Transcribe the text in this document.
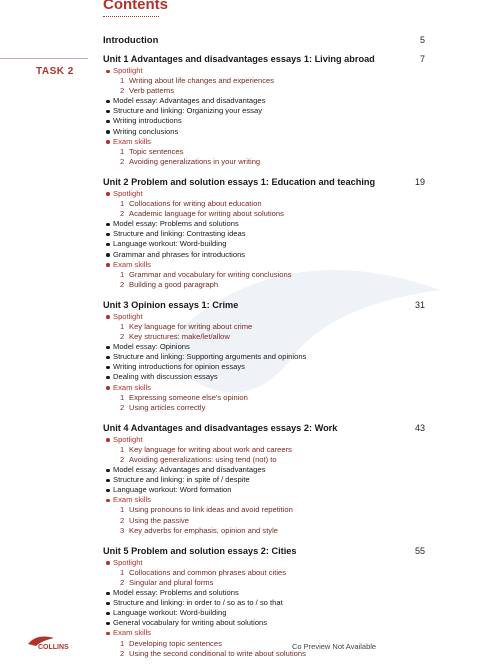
Contents
TASK 2
Introduction	5
Unit 1 Advantages and disadvantages essays 1: Living abroad	7
Spotlight
1 Writing about life changes and experiences
2 Verb patterns
Model essay: Advantages and disadvantages
Structure and linking: Organizing your essay
Writing introductions
Writing conclusions
Exam skills
1 Topic sentences
2 Avoiding generalizations in your writing
Unit 2 Problem and solution essays 1: Education and teaching	19
Spotlight
1 Collocations for writing about education
2 Academic language for writing about solutions
Model essay: Problems and solutions
Structure and linking: Contrasting ideas
Language workout: Word-building
Grammar and phrases for introductions
Exam skills
1 Grammar and vocabulary for writing conclusions
2 Building a good paragraph
Unit 3 Opinion essays 1: Crime	31
Spotlight
1 Key language for writing about crime
2 Key structures: make/let/allow
Model essay: Opinions
Structure and linking: Supporting arguments and opinions
Writing introductions for opinion essays
Dealing with discussion essays
Exam skills
1 Expressing someone else's opinion
2 Using articles correctly
Unit 4 Advantages and disadvantages essays 2: Work	43
Spotlight
1 Key language for writing about work and careers
2 Avoiding generalizations: using tend (not) to
Model essay: Advantages and disadvantages
Structure and linking: in spite of / despite
Language workout: Word formation
Exam skills
1 Using pronouns to link ideas and avoid repetition
2 Using the passive
3 Key adverbs for emphasis, opinion and style
Unit 5 Problem and solution essays 2: Cities	55
Spotlight
1 Collocations and common phrases about cities
2 Singular and plural forms
Model essay: Problems and solutions
Structure and linking: in order to / so as to / so that
Language workout: Word-building
General vocabulary for writing about solutions
Exam skills
1 Developing topic sentences
2 Using the second conditional to write about solutions
COLLINS	Co Preview Not Available
